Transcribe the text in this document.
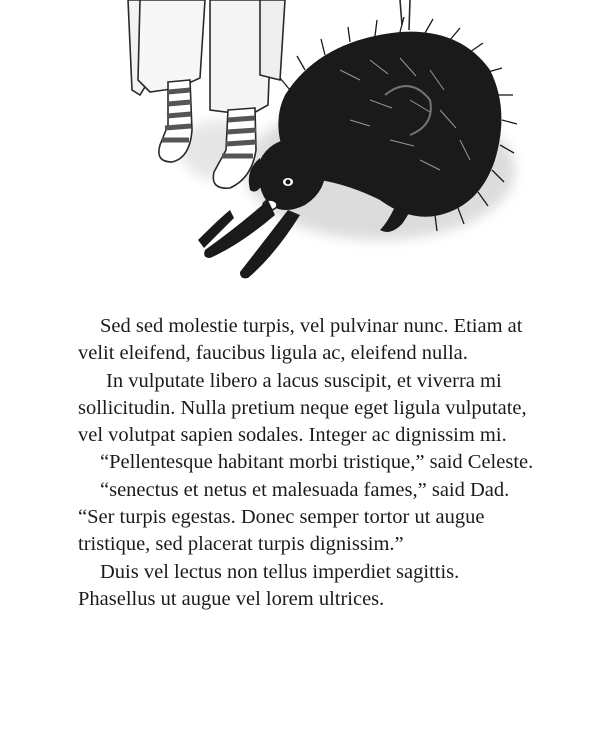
Sed sed molestie turpis, vel pulvinar nunc. Etiam at velit eleifend, faucibus ligula ac, eleifend nulla.

In vulputate libero a lacus suscipit, et viverra mi sollicitudin. Nulla pretium neque eget ligula vulputate, vel volutpat sapien sodales. Integer ac dignissim mi.

“Pellentesque habitant morbi tristique,” said Celeste.

“senectus et netus et malesuada fames,” said Dad. “Ser turpis egestas. Donec semper tortor ut augue tristique, sed placerat turpis dignissim.”

Duis vel lectus non tellus imperdiet sagittis. Phasellus ut augue vel lorem ultrices.
